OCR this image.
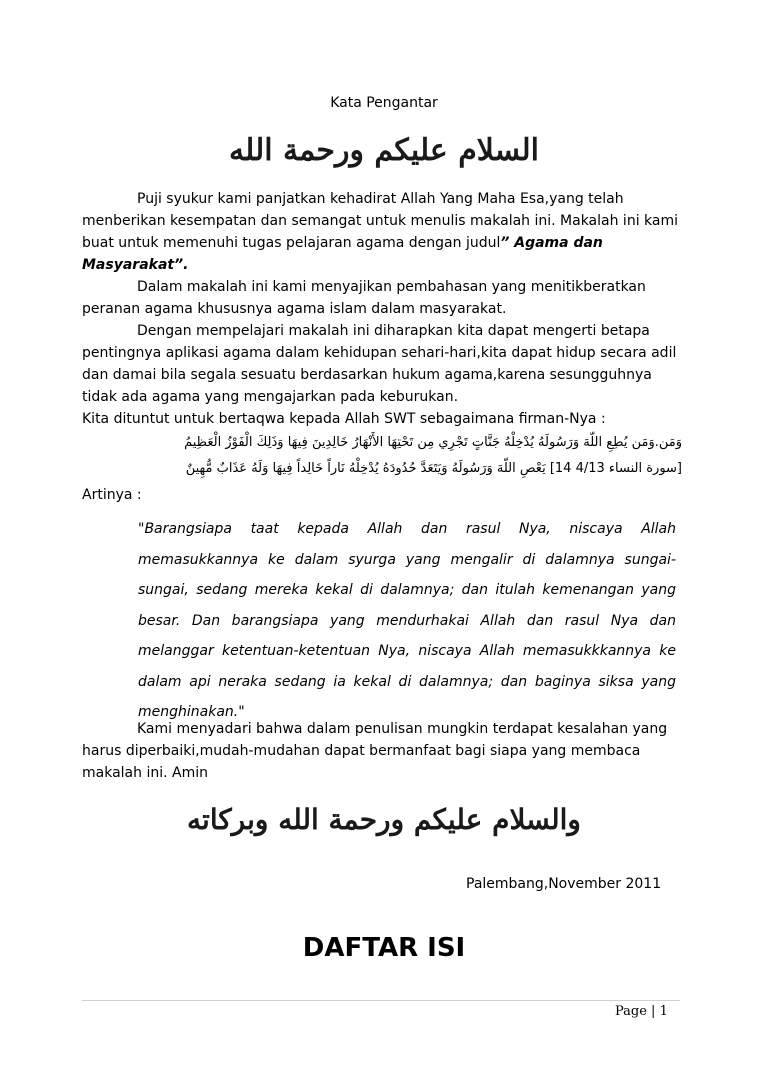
Kata Pengantar
السلام عليكم ورحمة الله

Puji syukur kami panjatkan kehadirat Allah Yang Maha Esa,yang telah menberikan kesempatan dan semangat untuk menulis makalah ini. Makalah ini kami buat untuk memenuhi tugas pelajaran agama dengan judul” Agama dan Masyarakat”.

Dalam makalah ini kami menyajikan pembahasan yang menitikberatkan peranan agama khususnya agama islam dalam masyarakat.

Dengan mempelajari makalah ini diharapkan kita dapat mengerti betapa pentingnya aplikasi agama dalam kehidupan sehari-hari,kita dapat hidup secara adil dan damai bila segala sesuatu berdasarkan hukum agama,karena sesungguhnya tidak ada agama yang mengajarkan pada keburukan.

Kita dituntut untuk bertaqwa kepada Allah SWT sebagaimana firman-Nya :

وَمَن.وَمَن يُطِعِ اللّهَ وَرَسُولَهُ يُدْخِلْهُ جَنَّاتٍ تَجْرِي مِن تَحْتِهَا الأَنْهَارُ خَالِدِينَ فِيهَا وَذَلِكَ الْفَوْزُ الْعَظِيمُ
[سورة النساء 4/13 14] يَعْصِ اللّهَ وَرَسُولَهُ وَيَتَعَدَّ حُدُودَهُ يُدْخِلْهُ نَاراً خَالِداً فِيهَا وَلَهُ عَذَابٌ مُّهِينٌ
Artinya :

"Barangsiapa taat kepada Allah dan rasul Nya, niscaya Allah memasukkannya ke dalam syurga yang mengalir di dalamnya sungai-sungai, sedang mereka kekal di dalamnya; dan itulah kemenangan yang besar. Dan barangsiapa yang mendurhakai Allah dan rasul Nya dan melanggar ketentuan-ketentuan Nya, niscaya Allah memasukkkannya ke dalam api neraka sedang ia kekal di dalamnya; dan baginya siksa yang menghinakan."

Kami menyadari bahwa dalam penulisan mungkin terdapat kesalahan yang harus diperbaiki,mudah-mudahan dapat bermanfaat bagi siapa yang membaca makalah ini. Amin

والسلام عليكم ورحمة الله وبركاته
Palembang,November 2011
DAFTAR ISI
Page | 1
